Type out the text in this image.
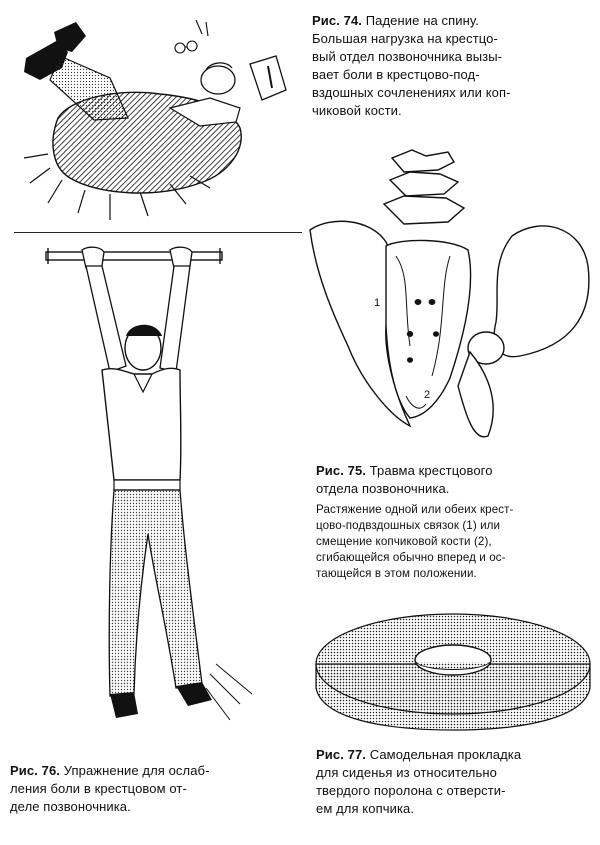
Рис. 74. Падение на спину.
Большая нагрузка на крестцо-
вый отдел позвоночника вызы-
вает боли в крестцово-под-
вздошных сочленениях или коп-
чиковой кости.
1
2
Рис. 75. Травма крестцового
отдела позвоночника.
Растяжение одной или обеих крест-
цово-подвздошных связок (1) или
смещение копчиковой кости (2),
сгибающейся обычно вперед и ос-
тающейся в этом положении.
Рис. 76. Упражнение для ослаб-
ления боли в крестцовом от-
деле позвоночника.
Рис. 77. Самодельная прокладка
для сиденья из относительно
твердого поролона с отверсти-
ем для копчика.
